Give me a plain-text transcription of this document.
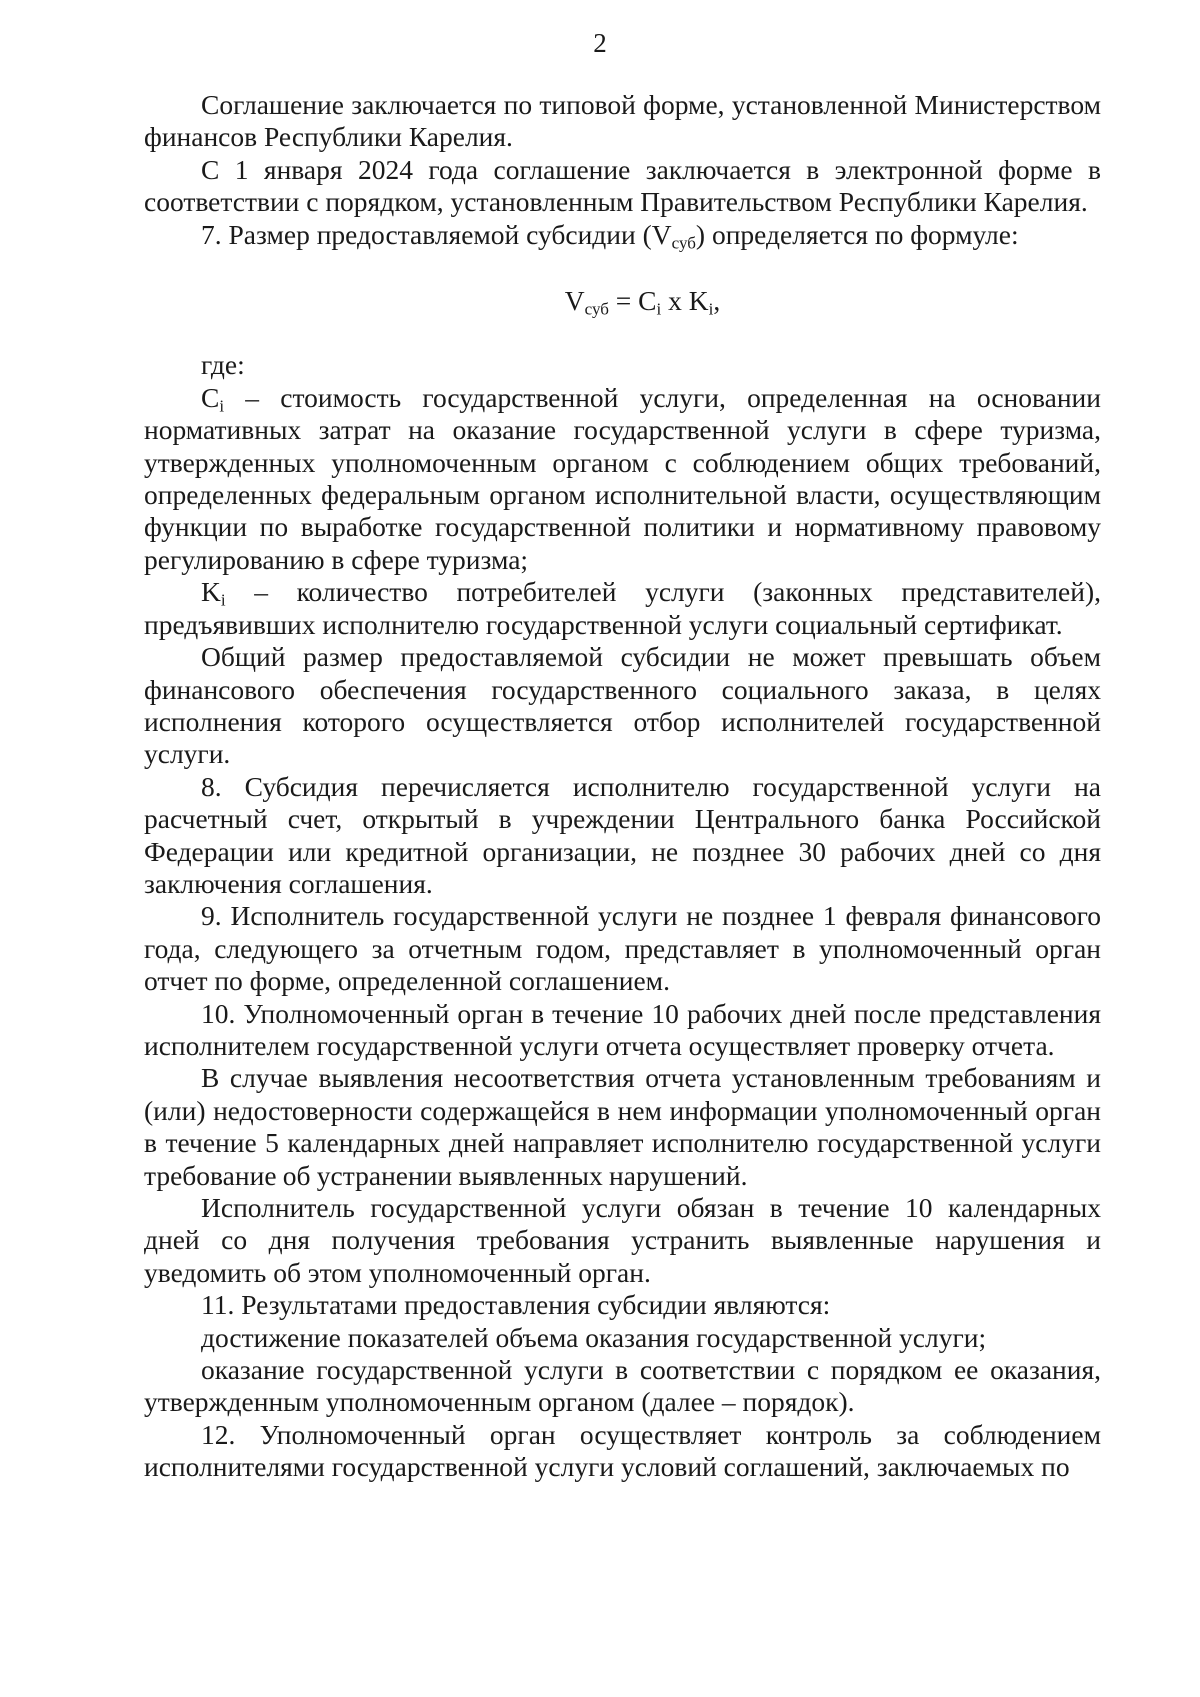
2

Соглашение заключается по типовой форме, установленной Министерством финансов Республики Карелия.

С 1 января 2024 года соглашение заключается в электронной форме в соответствии с порядком, установленным Правительством Республики Карелия.

7. Размер предоставляемой субсидии $(V_{суб})$ определяется по формуле:

$V_{суб} = C_i$ x $K_i$,

где:

$C_i$ – стоимость государственной услуги, определенная на основании нормативных затрат на оказание государственной услуги в сфере туризма, утвержденных уполномоченным органом с соблюдением общих требований, определенных федеральным органом исполнительной власти, осуществляющим функции по выработке государственной политики и нормативному правовому регулированию в сфере туризма;

$K_i$ – количество потребителей услуги (законных представителей), предъявивших исполнителю государственной услуги социальный сертификат.

Общий размер предоставляемой субсидии не может превышать объем финансового обеспечения государственного социального заказа, в целях исполнения которого осуществляется отбор исполнителей государственной услуги.

8. Субсидия перечисляется исполнителю государственной услуги на расчетный счет, открытый в учреждении Центрального банка Российской Федерации или кредитной организации, не позднее 30 рабочих дней со дня заключения соглашения.

9. Исполнитель государственной услуги не позднее 1 февраля финансового года, следующего за отчетным годом, представляет в уполномоченный орган отчет по форме, определенной соглашением.

10. Уполномоченный орган в течение 10 рабочих дней после представления исполнителем государственной услуги отчета осуществляет проверку отчета.

В случае выявления несоответствия отчета установленным требованиям и (или) недостоверности содержащейся в нем информации уполномоченный орган в течение 5 календарных дней направляет исполнителю государственной услуги требование об устранении выявленных нарушений.

Исполнитель государственной услуги обязан в течение 10 календарных дней со дня получения требования устранить выявленные нарушения и уведомить об этом уполномоченный орган.

11. Результатами предоставления субсидии являются:

достижение показателей объема оказания государственной услуги;

оказание государственной услуги в соответствии с порядком ее оказания, утвержденным уполномоченным органом (далее – порядок).

12. Уполномоченный орган осуществляет контроль за соблюдением исполнителями государственной услуги условий соглашений, заключаемых по
